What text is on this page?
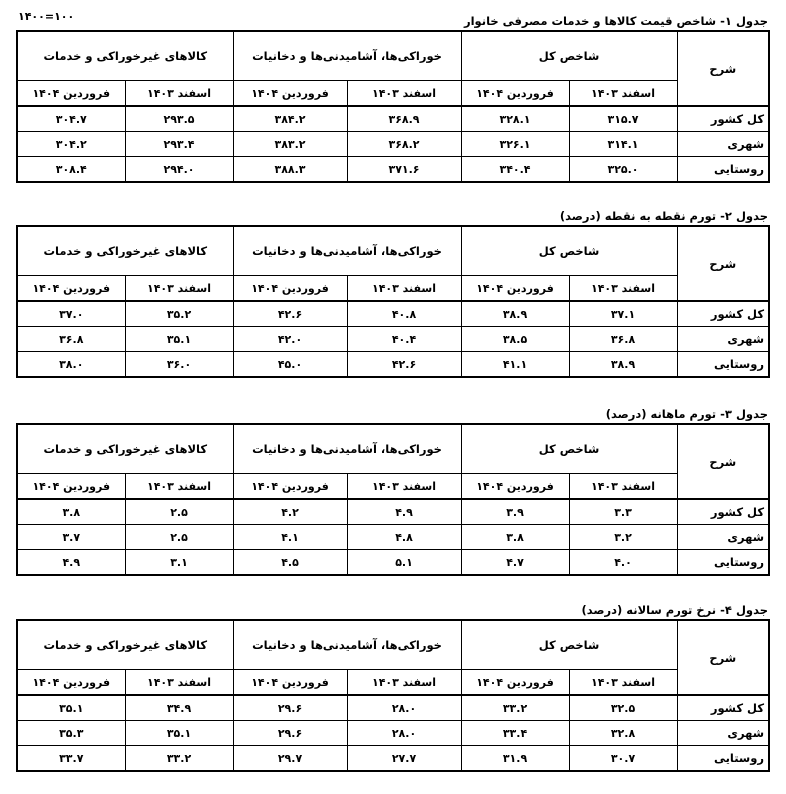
۱۴۰۰=۱۰۰	جدول ۱- شاخص قیمت کالاها و خدمات مصرفی خانوار
شرح	شاخص کل		خوراکی‌ها، آشامیدنی‌ها و دخانیات		کالاهای غیرخوراکی و خدمات	
	اسفند ۱۴۰۳	فروردین ۱۴۰۴	اسفند ۱۴۰۳	فروردین ۱۴۰۴	اسفند ۱۴۰۳	فروردین ۱۴۰۴
کل کشور	۳۱۵.۷	۳۲۸.۱	۳۶۸.۹	۳۸۴.۲	۲۹۳.۵	۳۰۴.۷
شهری	۳۱۴.۱	۳۲۶.۱	۳۶۸.۲	۳۸۳.۲	۲۹۳.۴	۳۰۴.۲
روستایی	۳۲۵.۰	۳۴۰.۴	۳۷۱.۶	۳۸۸.۳	۲۹۴.۰	۳۰۸.۴
جدول ۲- تورم نقطه به نقطه (درصد)
شرح	شاخص کل		خوراکی‌ها، آشامیدنی‌ها و دخانیات		کالاهای غیرخوراکی و خدمات	
	اسفند ۱۴۰۳	فروردین ۱۴۰۴	اسفند ۱۴۰۳	فروردین ۱۴۰۴	اسفند ۱۴۰۳	فروردین ۱۴۰۴
کل کشور	۳۷.۱	۳۸.۹	۴۰.۸	۴۲.۶	۳۵.۲	۳۷.۰
شهری	۳۶.۸	۳۸.۵	۴۰.۴	۴۲.۰	۳۵.۱	۳۶.۸
روستایی	۳۸.۹	۴۱.۱	۴۲.۶	۴۵.۰	۳۶.۰	۳۸.۰
جدول ۳- تورم ماهانه (درصد)
شرح	شاخص کل		خوراکی‌ها، آشامیدنی‌ها و دخانیات		کالاهای غیرخوراکی و خدمات	
	اسفند ۱۴۰۳	فروردین ۱۴۰۴	اسفند ۱۴۰۳	فروردین ۱۴۰۴	اسفند ۱۴۰۳	فروردین ۱۴۰۴
کل کشور	۳.۳	۳.۹	۴.۹	۴.۲	۲.۵	۳.۸
شهری	۳.۲	۳.۸	۴.۸	۴.۱	۲.۵	۳.۷
روستایی	۴.۰	۴.۷	۵.۱	۴.۵	۳.۱	۴.۹
جدول ۴- نرخ تورم سالانه (درصد)
شرح	شاخص کل		خوراکی‌ها، آشامیدنی‌ها و دخانیات		کالاهای غیرخوراکی و خدمات	
	اسفند ۱۴۰۳	فروردین ۱۴۰۴	اسفند ۱۴۰۳	فروردین ۱۴۰۴	اسفند ۱۴۰۳	فروردین ۱۴۰۴
کل کشور	۳۲.۵	۳۳.۲	۲۸.۰	۲۹.۶	۳۴.۹	۳۵.۱
شهری	۳۲.۸	۳۳.۴	۲۸.۰	۲۹.۶	۳۵.۱	۳۵.۳
روستایی	۳۰.۷	۳۱.۹	۲۷.۷	۲۹.۷	۳۳.۲	۳۳.۷
